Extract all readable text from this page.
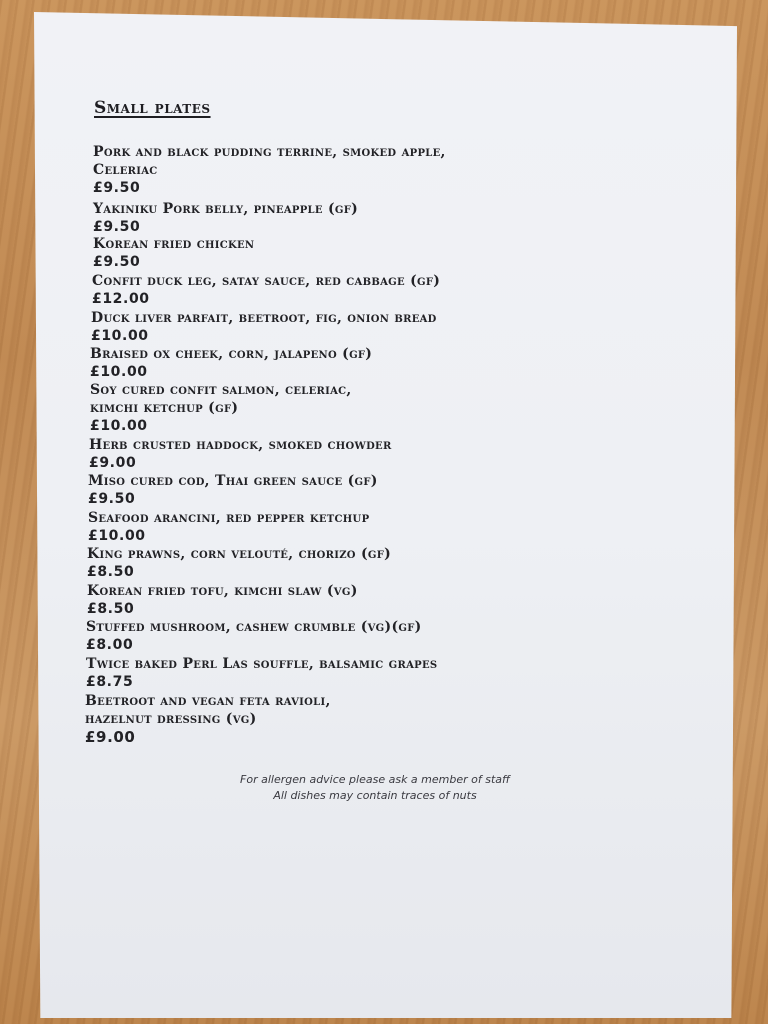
Small plates
Pork and black pudding terrine, smoked apple,
Celeriac
£9.50
Yakiniku Pork belly, pineapple (gf)
£9.50
Korean fried chicken
£9.50
Confit duck leg, satay sauce, red cabbage (gf)
£12.00
Duck liver parfait, beetroot, fig, onion bread
£10.00
Braised ox cheek, corn, jalapeno (gf)
£10.00
Soy cured confit salmon, celeriac,
kimchi ketchup (gf)
£10.00
Herb crusted haddock, smoked chowder
£9.00
Miso cured cod, Thai green sauce (gf)
£9.50
Seafood arancini, red pepper ketchup
£10.00
King prawns, corn velouté, chorizo (gf)
£8.50
Korean fried tofu, kimchi slaw (vg)
£8.50
Stuffed mushroom, cashew crumble (vg)(gf)
£8.00
Twice baked Perl Las souffle, balsamic grapes
£8.75
Beetroot and vegan feta ravioli,
hazelnut dressing (vg)
£9.00

For allergen advice please ask a member of staff

All dishes may contain traces of nuts
